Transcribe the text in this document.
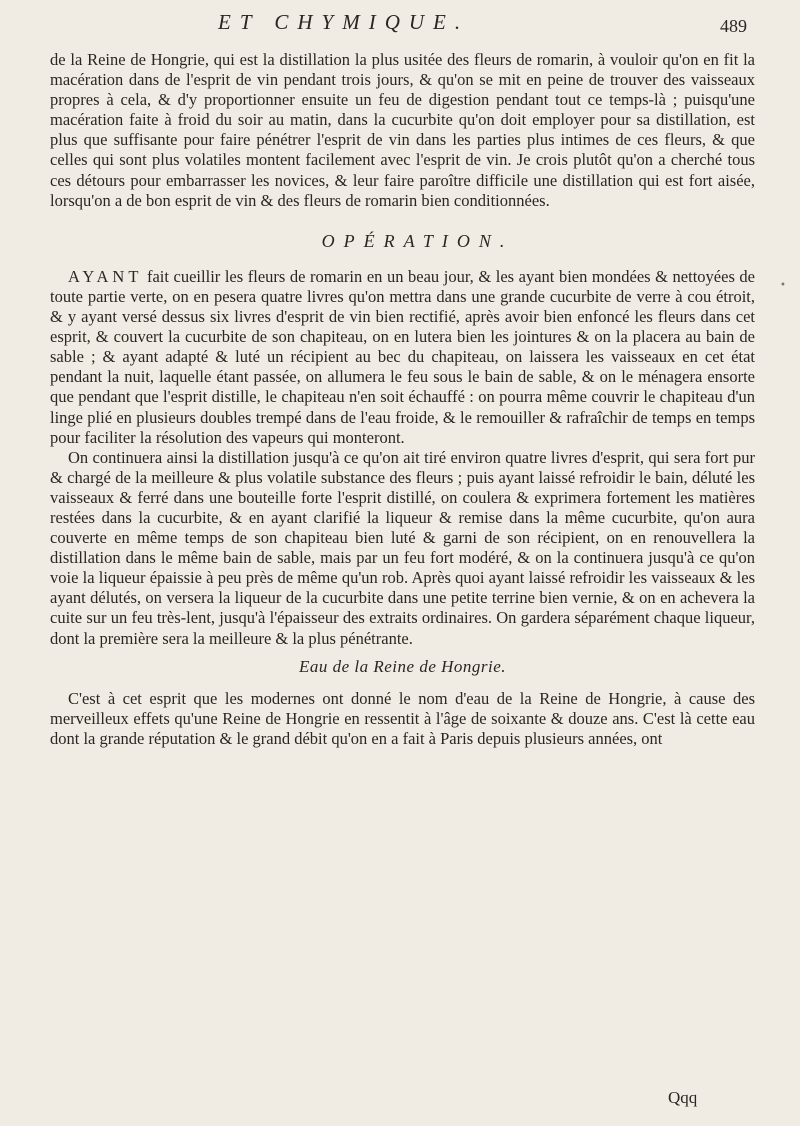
ET CHYMIQUE.	489

de la Reine de Hongrie, qui est la distillation la plus usitée des fleurs de romarin, à vouloir qu'on en fit la macération dans de l'esprit de vin pendant trois jours, & qu'on se mit en peine de trouver des vaisseaux propres à cela, & d'y proportionner ensuite un feu de digestion pendant tout ce temps-là ; puisqu'une macération faite à froid du soir au matin, dans la cucurbite qu'on doit employer pour sa distillation, est plus que suffisante pour faire pénétrer l'esprit de vin dans les parties plus intimes de ces fleurs, & que celles qui sont plus volatiles montent facilement avec l'esprit de vin. Je crois plutôt qu'on a cherché tous ces détours pour embarrasser les novices, & leur faire paroître difficile une distillation qui est fort aisée, lorsqu'on a de bon esprit de vin & des fleurs de romarin bien conditionnées.

OPÉRATION.

AYANT fait cueillir les fleurs de romarin en un beau jour, & les ayant bien mondées & nettoyées de toute partie verte, on en pesera quatre livres qu'on mettra dans une grande cucurbite de verre à cou étroit, & y ayant versé dessus six livres d'esprit de vin bien rectifié, après avoir bien enfoncé les fleurs dans cet esprit, & couvert la cucurbite de son chapiteau, on en lutera bien les jointures & on la placera au bain de sable ; & ayant adapté & luté un récipient au bec du chapiteau, on laissera les vaisseaux en cet état pendant la nuit, laquelle étant passée, on allumera le feu sous le bain de sable, & on le ménagera ensorte que pendant que l'esprit distille, le chapiteau n'en soit échauffé : on pourra même couvrir le chapiteau d'un linge plié en plusieurs doubles trempé dans de l'eau froide, & le remouiller & rafraîchir de temps en temps pour faciliter la résolution des vapeurs qui monteront.

On continuera ainsi la distillation jusqu'à ce qu'on ait tiré environ quatre livres d'esprit, qui sera fort pur & chargé de la meilleure & plus volatile substance des fleurs ; puis ayant laissé refroidir le bain, déluté les vaisseaux & ferré dans une bouteille forte l'esprit distillé, on coulera & exprimera fortement les matières restées dans la cucurbite, & en ayant clarifié la liqueur & remise dans la même cucurbite, qu'on aura couverte en même temps de son chapiteau bien luté & garni de son récipient, on en renouvellera la distillation dans le même bain de sable, mais par un feu fort modéré, & on la continuera jusqu'à ce qu'on voie la liqueur épaissie à peu près de même qu'un rob. Après quoi ayant laissé refroidir les vaisseaux & les ayant délutés, on versera la liqueur de la cucurbite dans une petite terrine bien vernie, & on en achevera la cuite sur un feu très-lent, jusqu'à l'épaisseur des extraits ordinaires. On gardera séparément chaque liqueur, dont la première sera la meilleure & la plus pénétrante.

Eau de la Reine de Hongrie.

C'est à cet esprit que les modernes ont donné le nom d'eau de la Reine de Hongrie, à cause des merveilleux effets qu'une Reine de Hongrie en ressentit à l'âge de soixante & douze ans. C'est là cette eau dont la grande réputation & le grand débit qu'on en a fait à Paris depuis plusieurs années, ont

•
Qqq
